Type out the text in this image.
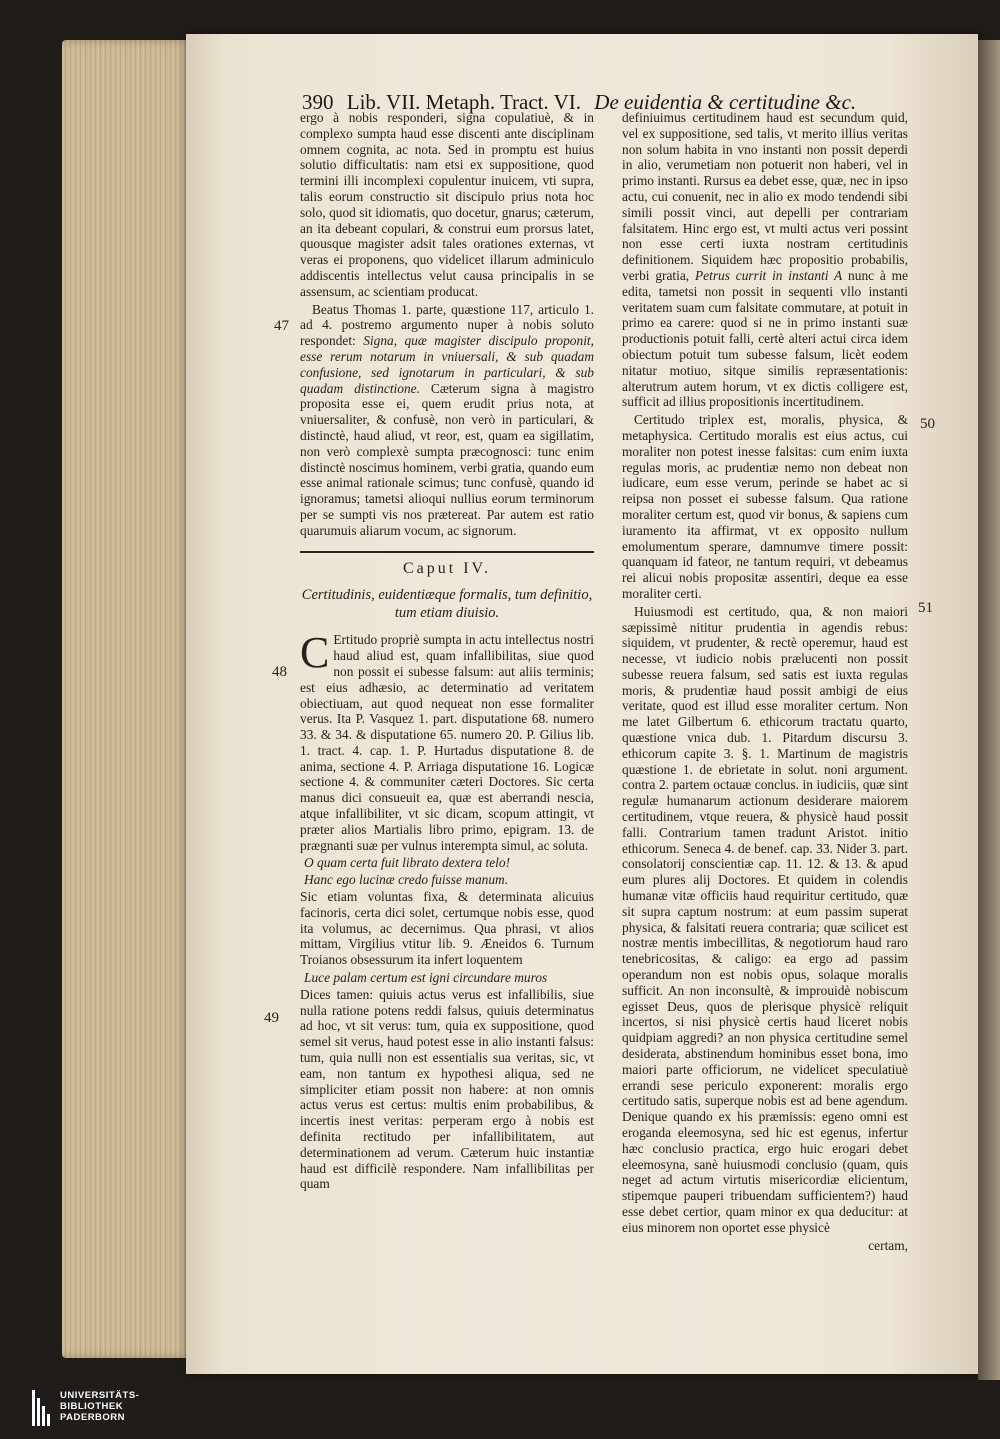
390 Lib. VII. Metaph. Tract. VI. De euidentia & certitudine &c.
47
48
49
50
51

ergo à nobis responderi, signa copulatiuè, & in complexo sumpta haud esse discenti ante disciplinam omnem cognita, ac nota. Sed in promptu est huius solutio difficultatis: nam etsi ex suppositione, quod termini illi incomplexi copulentur inuicem, vti supra, talis eorum constructio sit discipulo prius nota hoc solo, quod sit idiomatis, quo docetur, gnarus; cæterum, an ita debeant copulari, & construi eum prorsus latet, quousque magister adsit tales orationes externas, vt veras ei proponens, quo videlicet illarum adminiculo addiscentis intellectus velut causa principalis in se assensum, ac scientiam producat.

Beatus Thomas 1. parte, quæstione 117, articulo 1. ad 4. postremo argumento nuper à nobis soluto respondet: Signa, quæ magister discipulo proponit, esse rerum notarum in vniuersali, & sub quadam confusione, sed ignotarum in particulari, & sub quadam distinctione. Cæterum signa à magistro proposita esse ei, quem erudit prius nota, at vniuersaliter, & confusè, non verò in particulari, & distinctè, haud aliud, vt reor, est, quam ea sigillatim, non verò complexè sumpta præcognosci: tunc enim distinctè noscimus hominem, verbi gratia, quando eum esse animal rationale scimus; tunc confusè, quando id ignoramus; tametsi alioqui nullius eorum terminorum per se sumpti vis nos prætereat. Par autem est ratio quarumuis aliarum vocum, ac signorum.

Caput IV.
Certitudinis, euidentiæque formalis, tum definitio, tum etiam diuisio.

C Ertitudo propriè sumpta in actu intellectus nostri haud aliud est, quam infallibilitas, siue quod non possit ei subesse falsum: aut aliis terminis; est eius adhæsio, ac determinatio ad veritatem obiectiuam, aut quod nequeat non esse formaliter verus. Ita P. Vasquez 1. part. disputatione 68. numero 33. & 34. & disputatione 65. numero 20. P. Gilius lib. 1. tract. 4. cap. 1. P. Hurtadus disputatione 8. de anima, sectione 4. P. Arriaga disputatione 16. Logicæ sectione 4. & communiter cæteri Doctores. Sic certa manus dici consueuit ea, quæ est aberrandi nescia, atque infallibiliter, vt sic dicam, scopum attingit, vt præter alios Martialis libro primo, epigram. 13. de prægnanti suæ per vulnus interempta simul, ac soluta.

O quam certa fuit librato dextera telo!

Hanc ego lucinæ credo fuisse manum.

Sic etiam voluntas fixa, & determinata alicuius facinoris, certa dici solet, certumque nobis esse, quod ita volumus, ac decernimus. Qua phrasi, vt alios mittam, Virgilius vtitur lib. 9. Æneidos 6. Turnum Troianos obsessurum ita infert loquentem

Luce palam certum est igni circundare muros

Dices tamen: quiuis actus verus est infallibilis, siue nulla ratione potens reddi falsus, quiuis determinatus ad hoc, vt sit verus: tum, quia ex suppositione, quod semel sit verus, haud potest esse in alio instanti falsus: tum, quia nulli non est essentialis sua veritas, sic, vt eam, non tantum ex hypothesi aliqua, sed ne simpliciter etiam possit non habere: at non omnis actus verus est certus: multis enim probabilibus, & incertis inest veritas: perperam ergo à nobis est definita rectitudo per infallibilitatem, aut determinationem ad verum. Cæterum huic instantiæ haud est difficilè respondere. Nam infallibilitas per quam

definiuimus certitudinem haud est secundum quid, vel ex suppositione, sed talis, vt merito illius veritas non solum habita in vno instanti non possit deperdi in alio, verumetiam non potuerit non haberi, vel in primo instanti. Rursus ea debet esse, quæ, nec in ipso actu, cui conuenit, nec in alio ex modo tendendi sibi simili possit vinci, aut depelli per contrariam falsitatem. Hinc ergo est, vt multi actus veri possint non esse certi iuxta nostram certitudinis definitionem. Siquidem hæc propositio probabilis, verbi gratia, Petrus currit in instanti A nunc à me edita, tametsi non possit in sequenti vllo instanti veritatem suam cum falsitate commutare, at potuit in primo ea carere: quod si ne in primo instanti suæ productionis potuit falli, certè alteri actui circa idem obiectum potuit tum subesse falsum, licèt eodem nitatur motiuo, sitque similis repræsentationis: alterutrum autem horum, vt ex dictis colligere est, sufficit ad illius propositionis incertitudinem.

Certitudo triplex est, moralis, physica, & metaphysica. Certitudo moralis est eius actus, cui moraliter non potest inesse falsitas: cum enim iuxta regulas moris, ac prudentiæ nemo non debeat non iudicare, eum esse verum, perinde se habet ac si reipsa non posset ei subesse falsum. Qua ratione moraliter certum est, quod vir bonus, & sapiens cum iuramento ita affirmat, vt ex opposito nullum emolumentum sperare, damnumve timere possit: quanquam id fateor, ne tantum requiri, vt debeamus rei alicui nobis propositæ assentiri, deque ea esse moraliter certi.

Huiusmodi est certitudo, qua, & non maiori sæpissimè nititur prudentia in agendis rebus: siquidem, vt prudenter, & rectè operemur, haud est necesse, vt iudicio nobis prælucenti non possit subesse reuera falsum, sed satis est iuxta regulas moris, & prudentiæ haud possit ambigi de eius veritate, quod est illud esse moraliter certum. Non me latet Gilbertum 6. ethicorum tractatu quarto, quæstione vnica dub. 1. Pitardum discursu 3. ethicorum capite 3. §. 1. Martinum de magistris quæstione 1. de ebrietate in solut. noni argument. contra 2. partem octauæ conclus. in iudiciis, quæ sint regulæ humanarum actionum desiderare maiorem certitudinem, vtque reuera, & physicè haud possit falli. Contrarium tamen tradunt Aristot. initio ethicorum. Seneca 4. de benef. cap. 33. Nider 3. part. consolatorij conscientiæ cap. 11. 12. & 13. & apud eum plures alij Doctores. Et quidem in colendis humanæ vitæ officiis haud requiritur certitudo, quæ sit supra captum nostrum: at eum passim superat physica, & falsitati reuera contraria; quæ scilicet est nostræ mentis imbecillitas, & negotiorum haud raro tenebricositas, & caligo: ea ergo ad passim operandum non est nobis opus, solaque moralis sufficit. An non inconsultè, & improuidè nobiscum egisset Deus, quos de plerisque physicè reliquit incertos, si nisi physicè certis haud liceret nobis quidpiam aggredi? an non physica certitudine semel desiderata, abstinendum hominibus esset bona, imo maiori parte officiorum, ne videlicet speculatiuè errandi sese periculo exponerent: moralis ergo certitudo satis, superque nobis est ad bene agendum. Denique quando ex his præmissis: egeno omni est eroganda eleemosyna, sed hic est egenus, infertur hæc conclusio practica, ergo huic erogari debet eleemosyna, sanè huiusmodi conclusio (quam, quis neget ad actum virtutis misericordiæ elicientum, stipemque pauperi tribuendam sufficientem?) haud esse debet certior, quam minor ex qua deducitur: at eius minorem non oportet esse physicè

certam,

UNIVERSITÄTS-
BIBLIOTHEK
PADERBORN
